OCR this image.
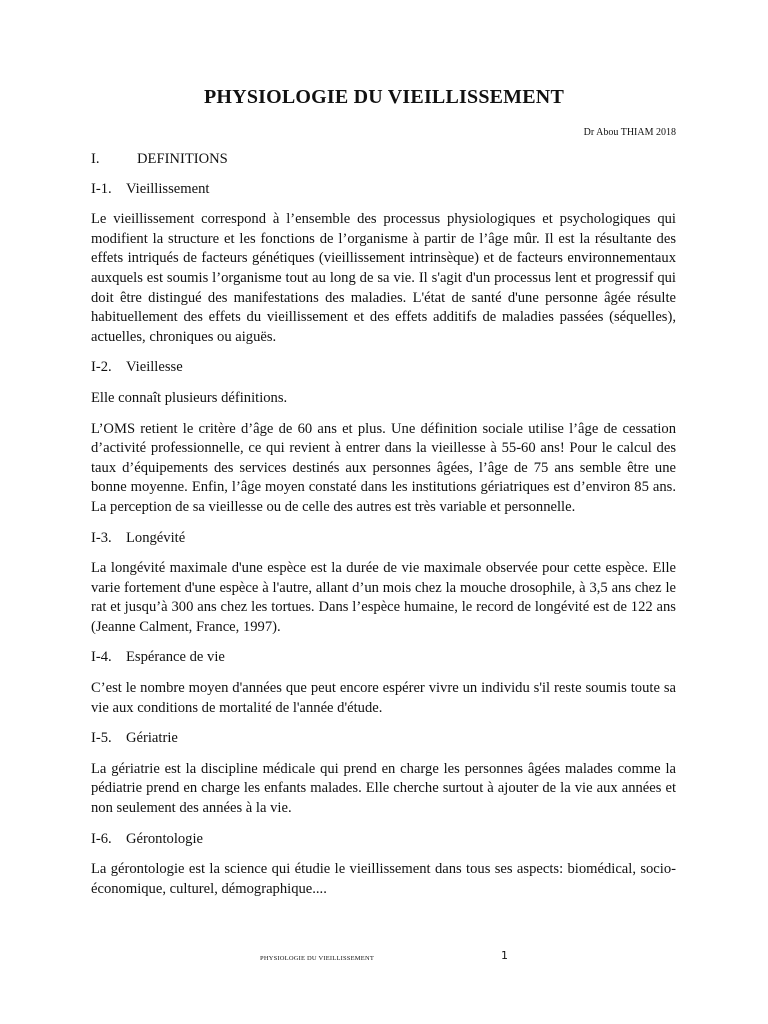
PHYSIOLOGIE DU VIEILLISSEMENT
Dr Abou THIAM 2018
I.	DEFINITIONS
I-1. Vieillissement

Le vieillissement correspond à l’ensemble des processus physiologiques et psychologiques qui modifient la structure et les fonctions de l’organisme à partir de l’âge mûr. Il est la résultante des effets intriqués de facteurs génétiques (vieillissement intrinsèque) et de facteurs environnementaux auxquels est soumis l’organisme tout au long de sa vie. Il s'agit d'un processus lent et progressif qui doit être distingué des manifestations des maladies. L'état de santé d'une personne âgée résulte habituellement des effets du vieillissement et des effets additifs de maladies passées (séquelles), actuelles, chroniques ou aiguës.

I-2. Vieillesse

Elle connaît plusieurs définitions.

L’OMS retient le critère d’âge de 60 ans et plus. Une définition sociale utilise l’âge de cessation d’activité professionnelle, ce qui revient à entrer dans la vieillesse à 55-60 ans! Pour le calcul des taux d’équipements des services destinés aux personnes âgées, l’âge de 75 ans semble être une bonne moyenne. Enfin, l’âge moyen constaté dans les institutions gériatriques est d’environ 85 ans. La perception de sa vieillesse ou de celle des autres est très variable et personnelle.

I-3. Longévité

La longévité maximale d'une espèce est la durée de vie maximale observée pour cette espèce. Elle varie fortement d'une espèce à l'autre, allant d’un mois chez la mouche drosophile, à 3,5 ans chez le rat et jusqu’à 300 ans chez les tortues. Dans l’espèce humaine, le record de longévité est de 122 ans (Jeanne Calment, France, 1997).

I-4. Espérance de vie

C’est le nombre moyen d'années que peut encore espérer vivre un individu s'il reste soumis toute sa vie aux conditions de mortalité de l'année d'étude.

I-5. Gériatrie

La gériatrie est la discipline médicale qui prend en charge les personnes âgées malades comme la pédiatrie prend en charge les enfants malades. Elle cherche surtout à ajouter de la vie aux années et non seulement des années à la vie.

I-6. Gérontologie

La gérontologie est la science qui étudie le vieillissement dans tous ses aspects: biomédical, socio-économique, culturel, démographique....

PHYSIOLOGIE DU VIEILLISSEMENT	1
